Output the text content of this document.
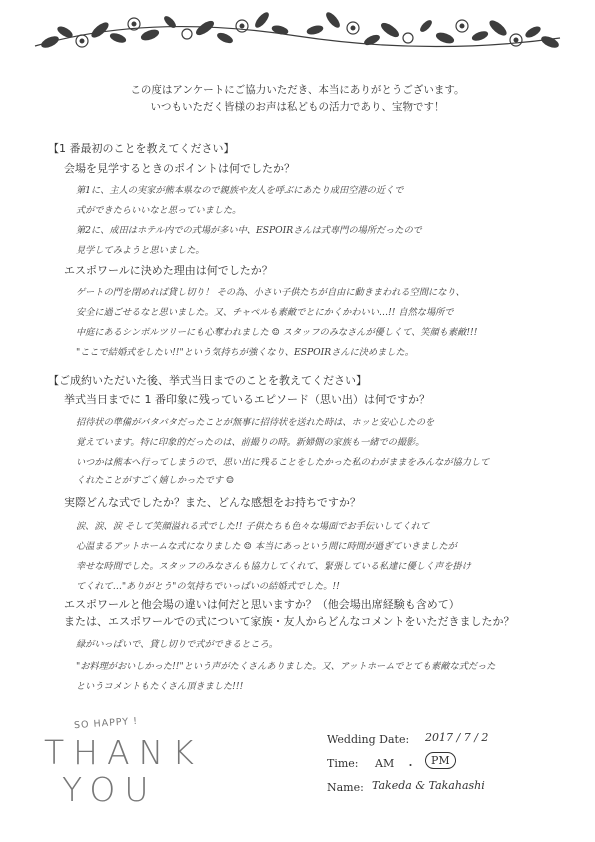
この度はアンケートにご協力いただき、本当にありがとうございます。
いつもいただく皆様のお声は私どもの活力であり、宝物です！
【1 番最初のことを教えてください】
会場を見学するときのポイントは何でしたか？
第1に、主人の実家が熊本県なので親族や友人を呼ぶにあたり成田空港の近くで
式ができたらいいなと思っていました。
第2に、成田はホテル内での式場が多い中、ESPOIRさんは式専門の場所だったので
見学してみようと思いました。
エスポワールに決めた理由は何でしたか？
ゲートの門を閉めれば貸し切り！ その為、小さい子供たちが自由に動きまわれる空間になり、
安全に過ごせるなと思いました。又、チャペルも素敵でとにかくかわいい…!! 自然な場所で
中庭にあるシンボルツリーにも心奪われました ☺ スタッフのみなさんが優しくて、笑顔も素敵!!!
"ここで結婚式をしたい!!"という気持ちが強くなり、ESPOIRさんに決めました。
【ご成約いただいた後、挙式当日までのことを教えてください】
挙式当日までに 1 番印象に残っているエピソード（思い出）は何ですか？
招待状の準備がバタバタだったことが無事に招待状を送れた時は、ホッと安心したのを
覚えています。特に印象的だったのは、前撮りの時。新婦側の家族も一緒での撮影。
いつかは熊本へ行ってしまうので、思い出に残ることをしたかった私のわがままをみんなが協力して
くれたことがすごく嬉しかったです ☺
実際どんな式でしたか？また、どんな感想をお持ちですか？
涙、涙、涙 そして笑顔溢れる式でした!! 子供たちも色々な場面でお手伝いしてくれて
心温まるアットホームな式になりました ☺ 本当にあっという間に時間が過ぎていきましたが
幸せな時間でした。スタッフのみなさんも協力してくれて、緊張している私達に優しく声を掛け
てくれて…"ありがとう"の気持ちでいっぱいの結婚式でした。!!
エスポワールと他会場の違いは何だと思いますか？（他会場出席経験も含めて）
または、エスポワールでの式について家族・友人からどんなコメントをいただきましたか？
緑がいっぱいで、貸し切りで式ができるところ。
"お料理がおいしかった!!"という声がたくさんありました。又、アットホームでとても素敵な式だった
というコメントもたくさん頂きました!!!
SO HAPPY !
THANK
YOU
Wedding Date: 2017 / 7 / 2
Time: AM ・	PM
Name: Takeda & Takahashi
